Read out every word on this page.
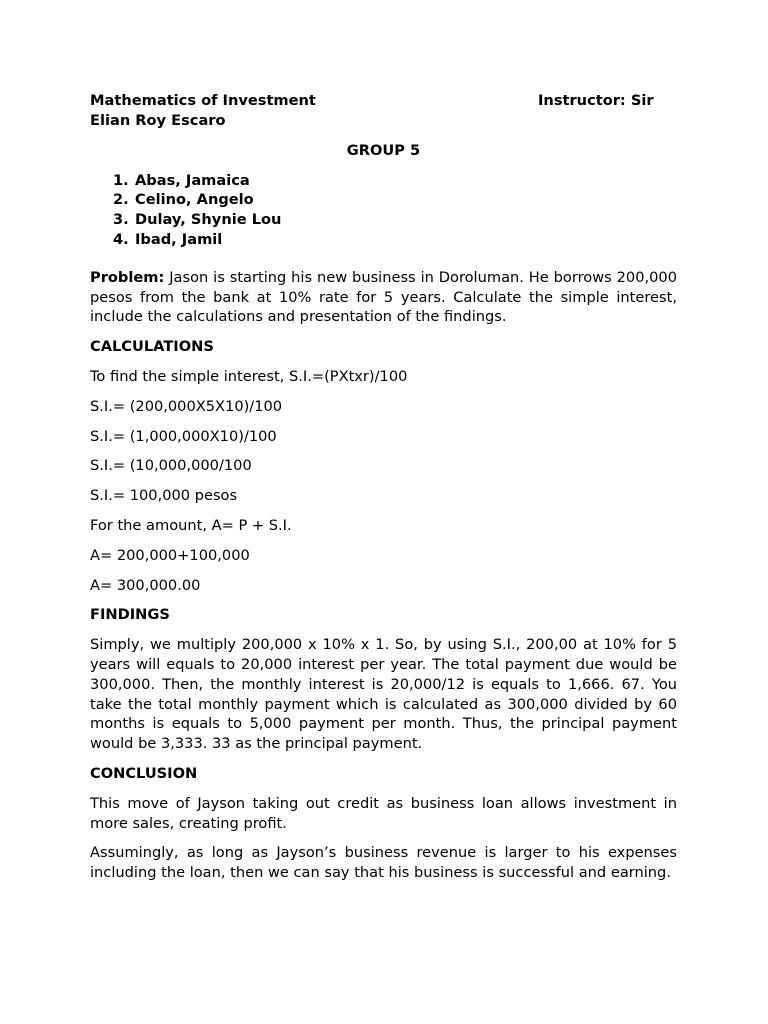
Mathematics of Investment	Instructor: Sir
Elian Roy Escaro
GROUP 5
1. Abas, Jamaica
2. Celino, Angelo
3. Dulay, Shynie Lou
4. Ibad, Jamil

Problem: Jason is starting his new business in Doroluman. He borrows 200,000 pesos from the bank at 10% rate for 5 years. Calculate the simple interest, include the calculations and presentation of the findings.

CALCULATIONS
To find the simple interest, S.I.=(PXtxr)/100
S.I.= (200,000X5X10)/100
S.I.= (1,000,000X10)/100
S.I.= (10,000,000/100
S.I.= 100,000 pesos
For the amount, A= P + S.I.
A= 200,000+100,000
A= 300,000.00
FINDINGS

Simply, we multiply 200,000 x 10% x 1. So, by using S.I., 200,00 at 10% for 5 years will equals to 20,000 interest per year. The total payment due would be 300,000. Then, the monthly interest is 20,000/12 is equals to 1,666. 67. You take the total monthly payment which is calculated as 300,000 divided by 60 months is equals to 5,000 payment per month. Thus, the principal payment would be 3,333. 33 as the principal payment.

CONCLUSION

This move of Jayson taking out credit as business loan allows investment in more sales, creating profit.

Assumingly, as long as Jayson’s business revenue is larger to his expenses including the loan, then we can say that his business is successful and earning.
